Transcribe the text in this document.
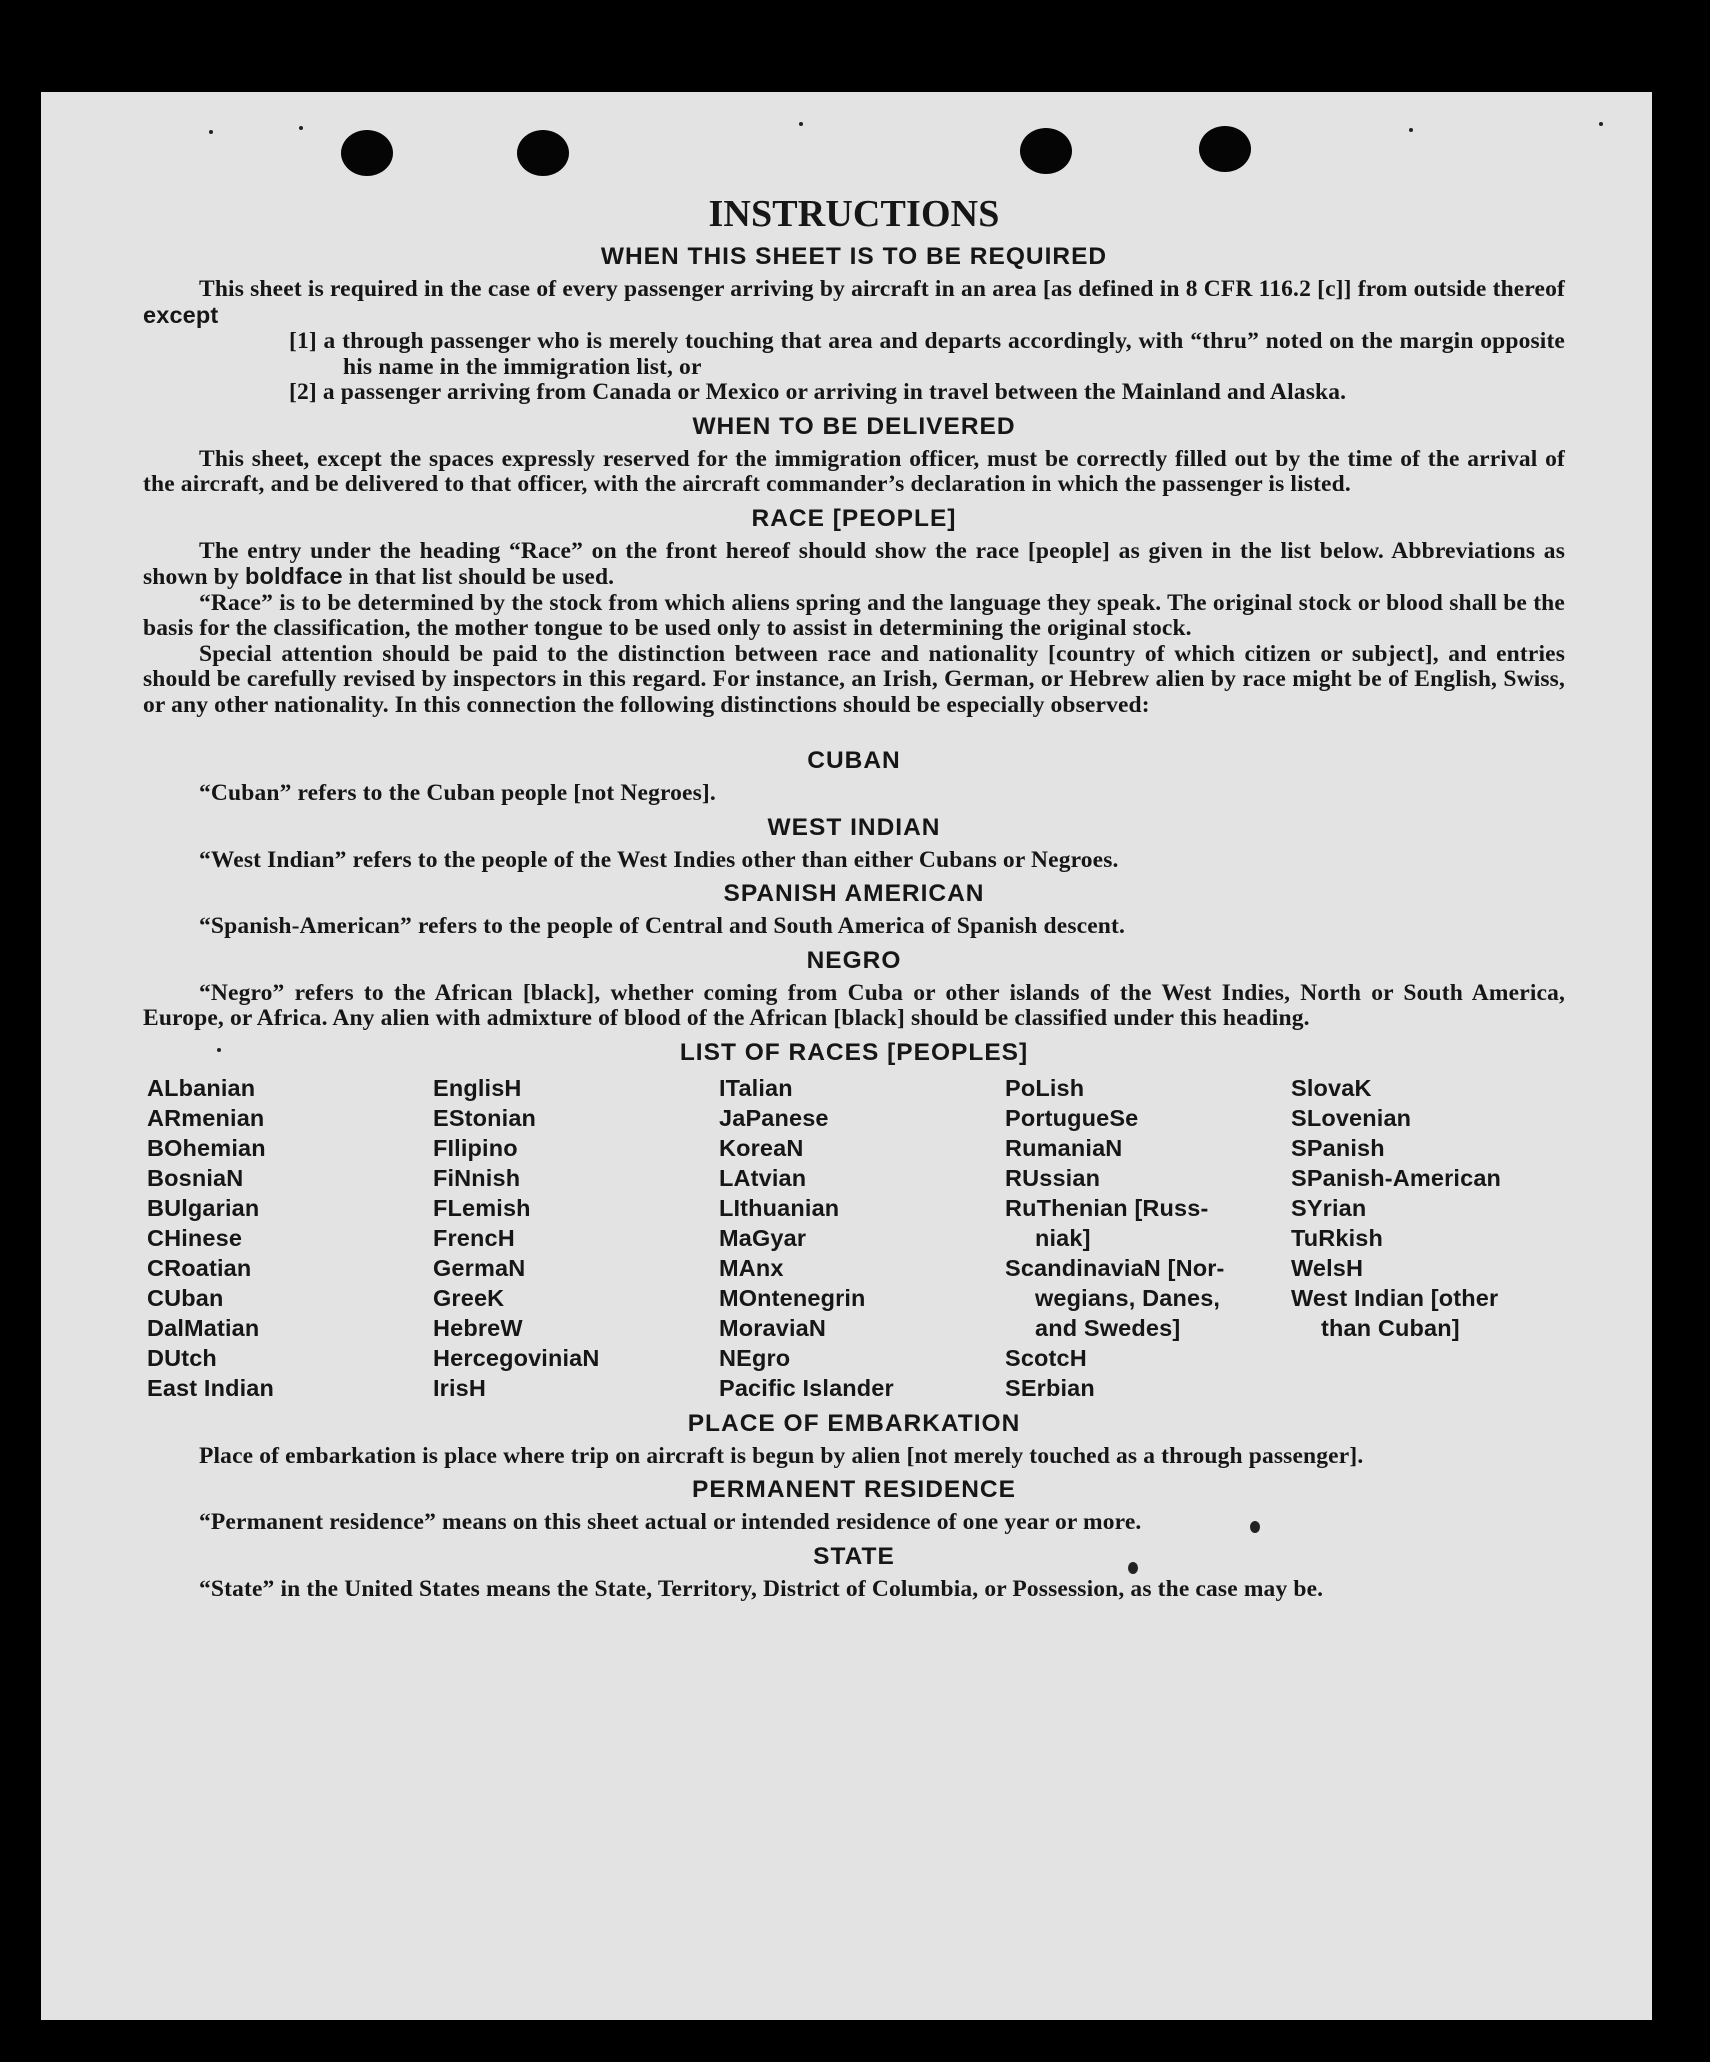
INSTRUCTIONS
WHEN THIS SHEET IS TO BE REQUIRED

This sheet is required in the case of every passenger arriving by aircraft in an area [as defined in 8 CFR 116.2 [c]] from outside thereof except

[1] a through passenger who is merely touching that area and departs accordingly, with “thru” noted on the margin opposite his name in the immigration list, or

[2] a passenger arriving from Canada or Mexico or arriving in travel between the Mainland and Alaska.

WHEN TO BE DELIVERED

This sheet, except the spaces expressly reserved for the immigration officer, must be correctly filled out by the time of the arrival of the aircraft, and be delivered to that officer, with the aircraft commander’s declaration in which the passenger is listed.

RACE [PEOPLE]

The entry under the heading “Race” on the front hereof should show the race [people] as given in the list below. Abbreviations as shown by boldface in that list should be used.

“Race” is to be determined by the stock from which aliens spring and the language they speak. The original stock or blood shall be the basis for the classification, the mother tongue to be used only to assist in determining the original stock.

Special attention should be paid to the distinction between race and nationality [country of which citizen or subject], and entries should be carefully revised by inspectors in this regard. For instance, an Irish, German, or Hebrew alien by race might be of English, Swiss, or any other nationality. In this connection the following distinctions should be especially observed:

CUBAN

“Cuban” refers to the Cuban people [not Negroes].

WEST INDIAN

“West Indian” refers to the people of the West Indies other than either Cubans or Negroes.

SPANISH AMERICAN

“Spanish-American” refers to the people of Central and South America of Spanish descent.

NEGRO

“Negro” refers to the African [black], whether coming from Cuba or other islands of the West Indies, North or South America, Europe, or Africa. Any alien with admixture of blood of the African [black] should be classified under this heading.

LIST OF RACES [PEOPLES]
ALbanian
ARmenian
BOhemian
BosniaN
BUlgarian
CHinese
CRoatian
CUban
DalMatian
DUtch
East Indian
EnglisH
EStonian
FIlipino
FiNnish
FLemish
FrencH
GermaN
GreeK
HebreW
HercegoviniaN
IrisH
ITalian
JaPanese
KoreaN
LAtvian
LIthuanian
MaGyar
MAnx
MOntenegrin
MoraviaN
NEgro
Pacific Islander
PoLish
PortugueSe
RumaniaN
RUssian
RuThenian [Russ-
niak]
ScandinaviaN [Nor-
wegians, Danes,
and Swedes]
ScotcH
SErbian
SlovaK
SLovenian
SPanish
SPanish-American
SYrian
TuRkish
WelsH
West Indian [other
than Cuban]
PLACE OF EMBARKATION

Place of embarkation is place where trip on aircraft is begun by alien [not merely touched as a through passenger].

PERMANENT RESIDENCE

“Permanent residence” means on this sheet actual or intended residence of one year or more.

STATE

“State” in the United States means the State, Territory, District of Columbia, or Possession, as the case may be.
